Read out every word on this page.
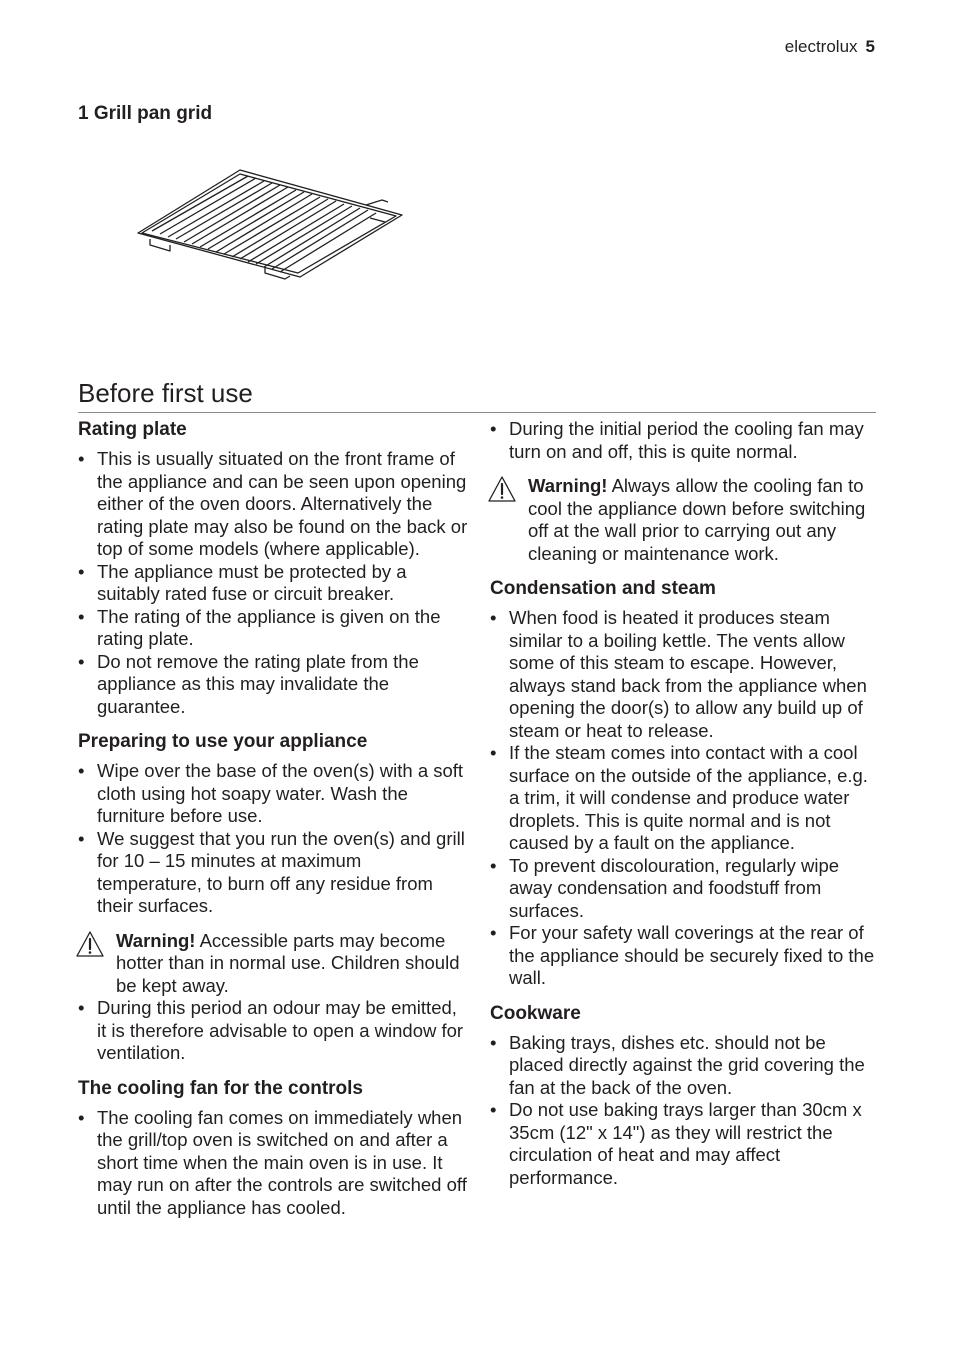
electrolux 5
1 Grill pan grid
Before first use
Rating plate
• This is usually situated on the front frame of the appliance and can be seen upon opening either of the oven doors. Alternatively the rating plate may also be found on the back or top of some models (where applicable).
• The appliance must be protected by a suitably rated fuse or circuit breaker.
• The rating of the appliance is given on the rating plate.
• Do not remove the rating plate from the appliance as this may invalidate the guarantee.
Preparing to use your appliance
• Wipe over the base of the oven(s) with a soft cloth using hot soapy water. Wash the furniture before use.
• We suggest that you run the oven(s) and grill for 10 – 15 minutes at maximum temperature, to burn off any residue from their surfaces.
Warning! Accessible parts may become hotter than in normal use. Children should be kept away.
• During this period an odour may be emitted, it is therefore advisable to open a window for ventilation.
The cooling fan for the controls
• The cooling fan comes on immediately when the grill/top oven is switched on and after a short time when the main oven is in use. It may run on after the controls are switched off until the appliance has cooled.
• During the initial period the cooling fan may turn on and off, this is quite normal.
Warning! Always allow the cooling fan to cool the appliance down before switching off at the wall prior to carrying out any cleaning or maintenance work.
Condensation and steam
• When food is heated it produces steam similar to a boiling kettle. The vents allow some of this steam to escape. However, always stand back from the appliance when opening the door(s) to allow any build up of steam or heat to release.
• If the steam comes into contact with a cool surface on the outside of the appliance, e.g. a trim, it will condense and produce water droplets. This is quite normal and is not caused by a fault on the appliance.
• To prevent discolouration, regularly wipe away condensation and foodstuff from surfaces.
• For your safety wall coverings at the rear of the appliance should be securely fixed to the wall.
Cookware
• Baking trays, dishes etc. should not be placed directly against the grid covering the fan at the back of the oven.
• Do not use baking trays larger than 30cm x 35cm (12" x 14") as they will restrict the circulation of heat and may affect performance.
